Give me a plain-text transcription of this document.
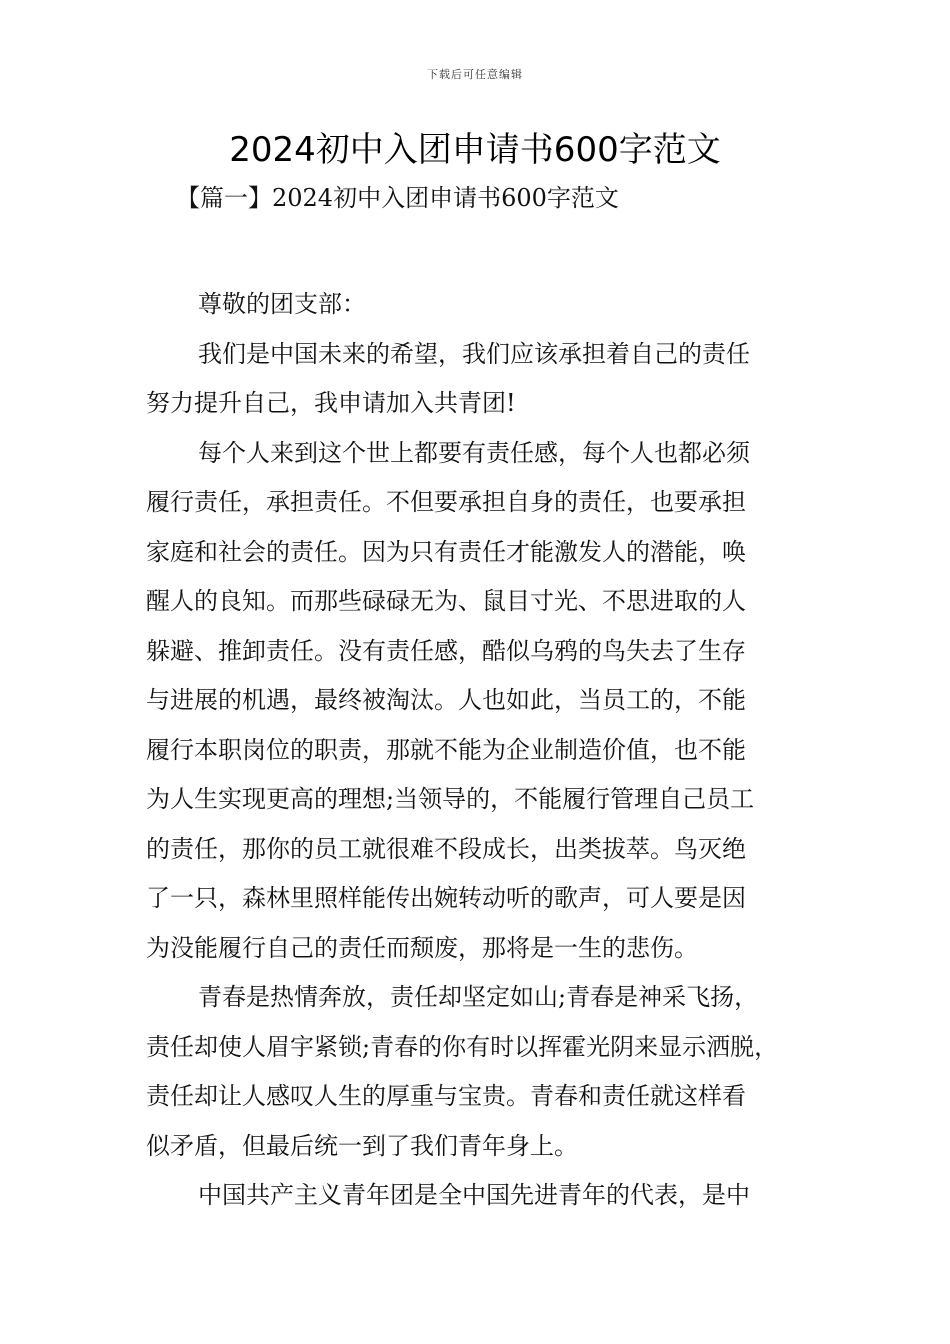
下载后可任意编辑
2024初中入团申请书600字范文
【篇一】2024初中入团申请书600字范文
尊敬的团支部：
我们是中国未来的希望，我们应该承担着自己的责任
努力提升自己，我申请加入共青团!
每个人来到这个世上都要有责任感，每个人也都必须
履行责任，承担责任。不但要承担自身的责任，也要承担
家庭和社会的责任。因为只有责任才能激发人的潜能，唤
醒人的良知。而那些碌碌无为、鼠目寸光、不思进取的人
躲避、推卸责任。没有责任感，酷似乌鸦的鸟失去了生存
与进展的机遇，最终被淘汰。人也如此，当员工的，不能
履行本职岗位的职责，那就不能为企业制造价值，也不能
为人生实现更高的理想;当领导的，不能履行管理自己员工
的责任，那你的员工就很难不段成长，出类拔萃。鸟灭绝
了一只，森林里照样能传出婉转动听的歌声，可人要是因
为没能履行自己的责任而颓废，那将是一生的悲伤。
青春是热情奔放，责任却坚定如山;青春是神采飞扬，
责任却使人眉宇紧锁;青春的你有时以挥霍光阴来显示洒脱，
责任却让人感叹人生的厚重与宝贵。青春和责任就这样看
似矛盾，但最后统一到了我们青年身上。
中国共产主义青年团是全中国先进青年的代表，是中
